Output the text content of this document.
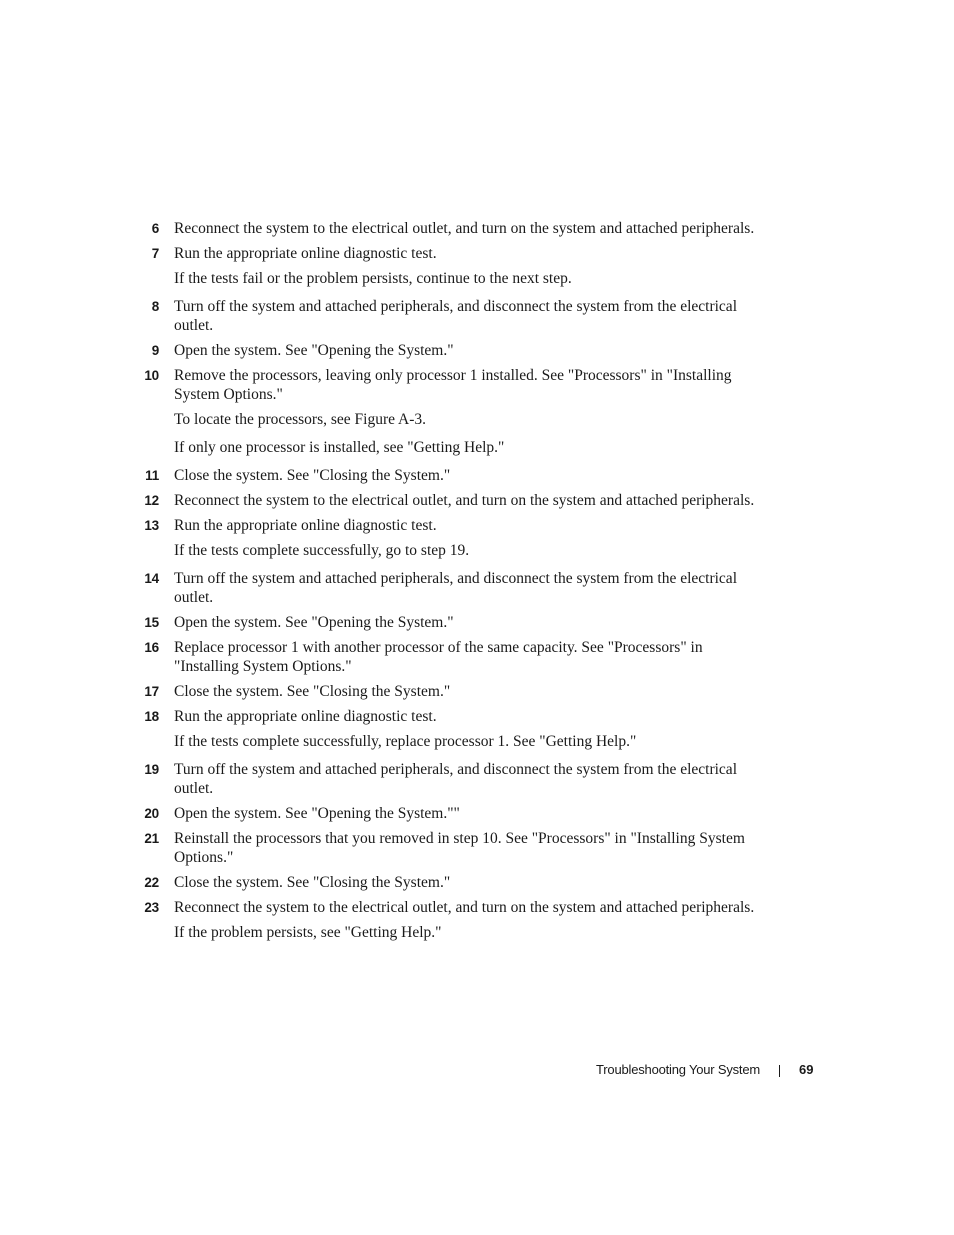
6 Reconnect the system to the electrical outlet, and turn on the system and attached peripherals.
7 Run the appropriate online diagnostic test.
If the tests fail or the problem persists, continue to the next step.
8 Turn off the system and attached peripherals, and disconnect the system from the electrical outlet.
9 Open the system. See "Opening the System."
10 Remove the processors, leaving only processor 1 installed. See "Processors" in "Installing System Options."
To locate the processors, see Figure A-3.
If only one processor is installed, see "Getting Help."
11 Close the system. See "Closing the System."
12 Reconnect the system to the electrical outlet, and turn on the system and attached peripherals.
13 Run the appropriate online diagnostic test.
If the tests complete successfully, go to step 19.
14 Turn off the system and attached peripherals, and disconnect the system from the electrical outlet.
15 Open the system. See "Opening the System."
16 Replace processor 1 with another processor of the same capacity. See "Processors" in "Installing System Options."
17 Close the system. See "Closing the System."
18 Run the appropriate online diagnostic test.
If the tests complete successfully, replace processor 1. See "Getting Help."
19 Turn off the system and attached peripherals, and disconnect the system from the electrical outlet.
20 Open the system. See "Opening the System.""
21 Reinstall the processors that you removed in step 10. See "Processors" in "Installing System Options."
22 Close the system. See "Closing the System."
23 Reconnect the system to the electrical outlet, and turn on the system and attached peripherals.
If the problem persists, see "Getting Help."
Troubleshooting Your System	69
